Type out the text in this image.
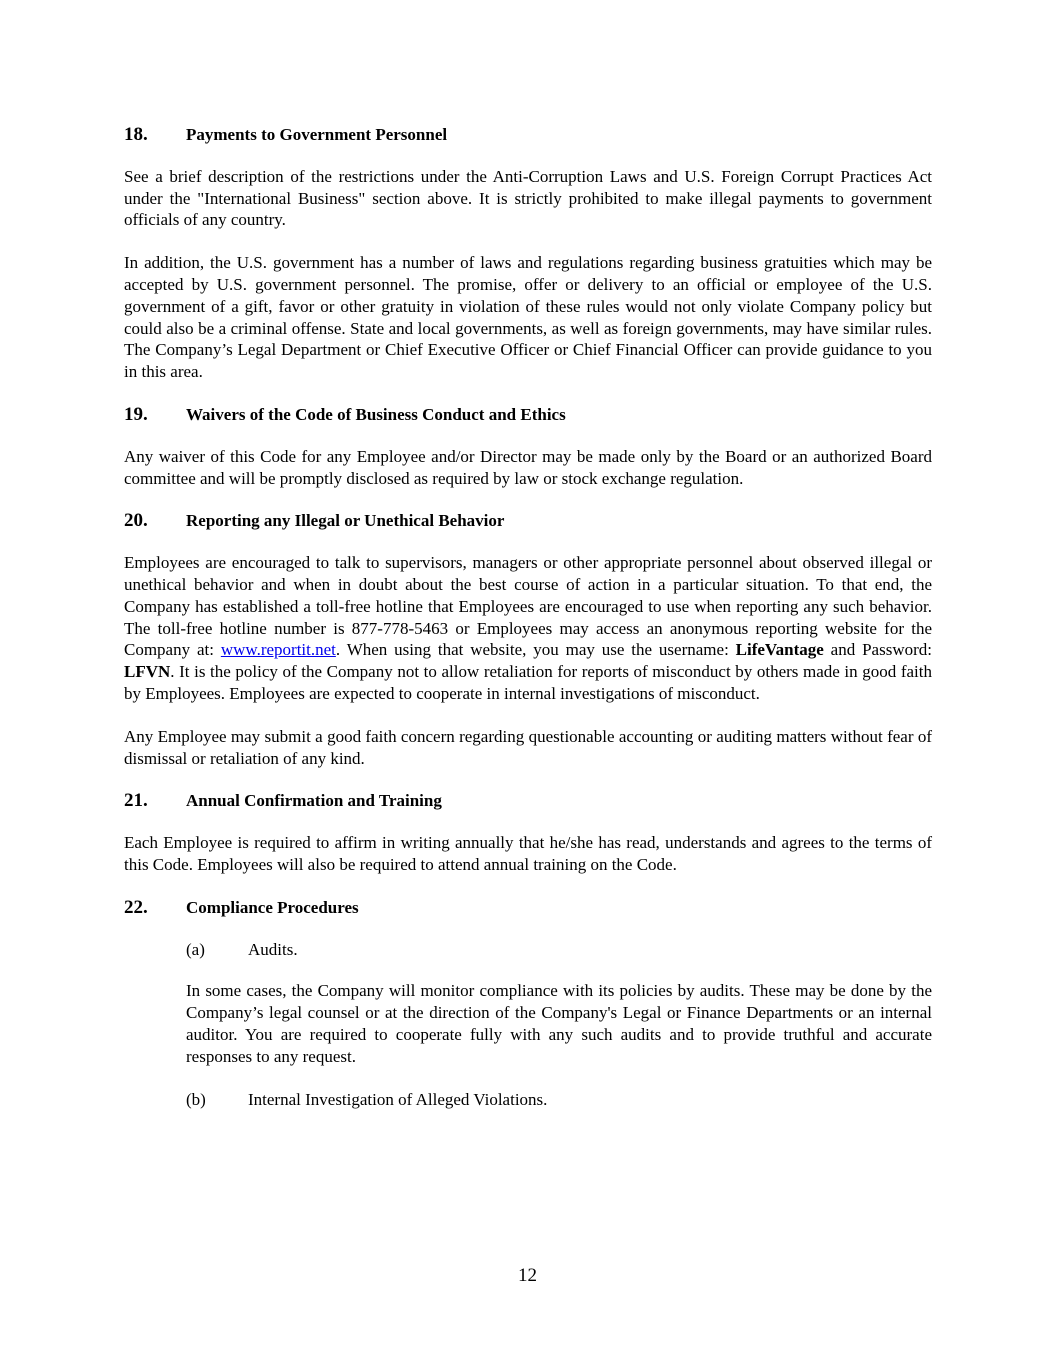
18.	Payments to Government Personnel

See a brief description of the restrictions under the Anti-Corruption Laws and U.S. Foreign Corrupt Practices Act under the "International Business" section above. It is strictly prohibited to make illegal payments to government officials of any country.

In addition, the U.S. government has a number of laws and regulations regarding business gratuities which may be accepted by U.S. government personnel. The promise, offer or delivery to an official or employee of the U.S. government of a gift, favor or other gratuity in violation of these rules would not only violate Company policy but could also be a criminal offense. State and local governments, as well as foreign governments, may have similar rules. The Company’s Legal Department or Chief Executive Officer or Chief Financial Officer can provide guidance to you in this area.

19.	Waivers of the Code of Business Conduct and Ethics

Any waiver of this Code for any Employee and/or Director may be made only by the Board or an authorized Board committee and will be promptly disclosed as required by law or stock exchange regulation.

20.	Reporting any Illegal or Unethical Behavior

Employees are encouraged to talk to supervisors, managers or other appropriate personnel about observed illegal or unethical behavior and when in doubt about the best course of action in a particular situation. To that end, the Company has established a toll-free hotline that Employees are encouraged to use when reporting any such behavior. The toll-free hotline number is 877-778-5463 or Employees may access an anonymous reporting website for the Company at: www.reportit.net. When using that website, you may use the username: LifeVantage and Password: LFVN. It is the policy of the Company not to allow retaliation for reports of misconduct by others made in good faith by Employees. Employees are expected to cooperate in internal investigations of misconduct.

Any Employee may submit a good faith concern regarding questionable accounting or auditing matters without fear of dismissal or retaliation of any kind.

21.	Annual Confirmation and Training

Each Employee is required to affirm in writing annually that he/she has read, understands and agrees to the terms of this Code. Employees will also be required to attend annual training on the Code.

22.	Compliance Procedures
(a)	Audits.

In some cases, the Company will monitor compliance with its policies by audits. These may be done by the Company’s legal counsel or at the direction of the Company's Legal or Finance Departments or an internal auditor. You are required to cooperate fully with any such audits and to provide truthful and accurate responses to any request.

(b)	Internal Investigation of Alleged Violations.
12
